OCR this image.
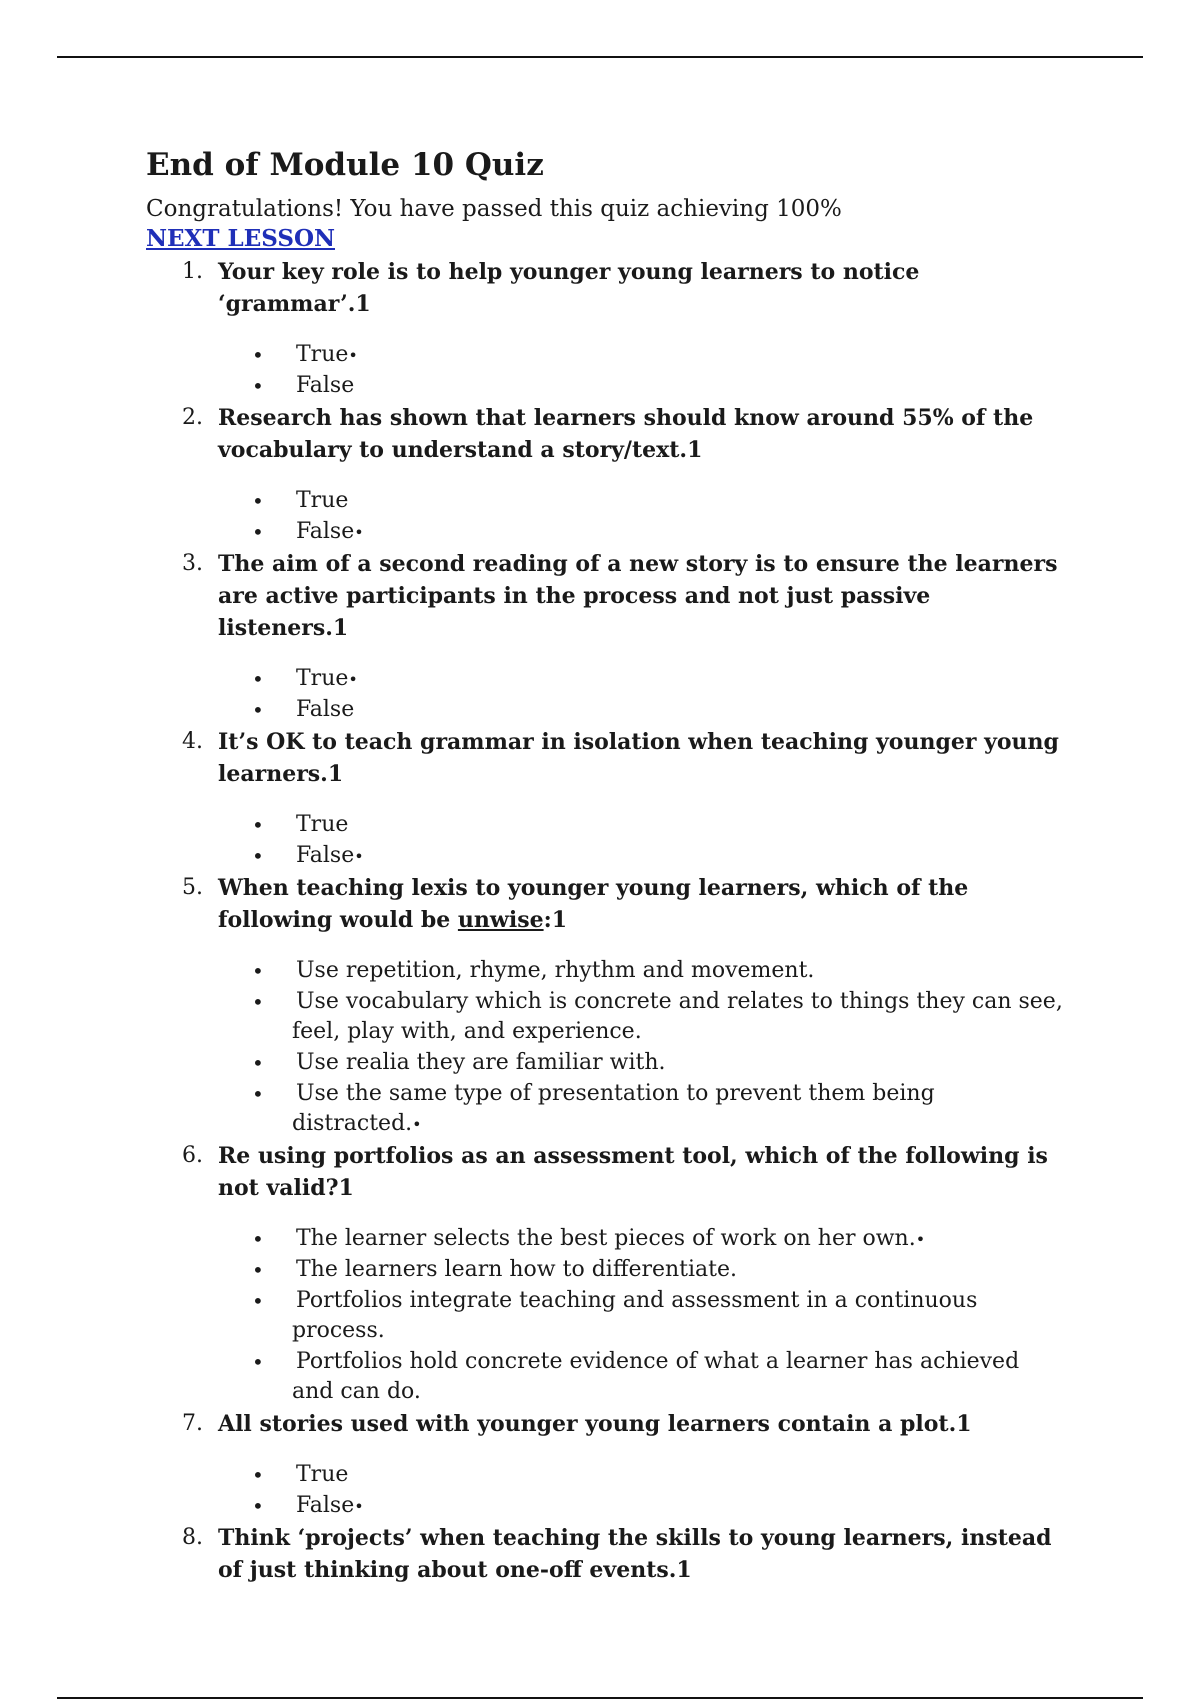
End of Module 10 Quiz

Congratulations! You have passed this quiz achieving 100%

NEXT LESSON
1. Your key role is to help younger young learners to notice ‘grammar’.1

• True•
• False
2. Research has shown that learners should know around 55% of the vocabulary to understand a story/text.1

• True
• False•
3. The aim of a second reading of a new story is to ensure the learners are active participants in the process and not just passive listeners.1

• True•
• False
4. It’s OK to teach grammar in isolation when teaching younger young learners.1

• True
• False•
5. When teaching lexis to younger young learners, which of the following would be unwise:1

• Use repetition, rhyme, rhythm and movement.
• Use vocabulary which is concrete and relates to things they can see, feel, play with, and experience.
• Use realia they are familiar with.
• Use the same type of presentation to prevent them being distracted.•
6. Re using portfolios as an assessment tool, which of the following is not valid?1

• The learner selects the best pieces of work on her own.•
• The learners learn how to differentiate.
• Portfolios integrate teaching and assessment in a continuous process.
• Portfolios hold concrete evidence of what a learner has achieved and can do.
7. All stories used with younger young learners contain a plot.1

• True
• False•
8. Think ‘projects’ when teaching the skills to young learners, instead of just thinking about one-off events.1
